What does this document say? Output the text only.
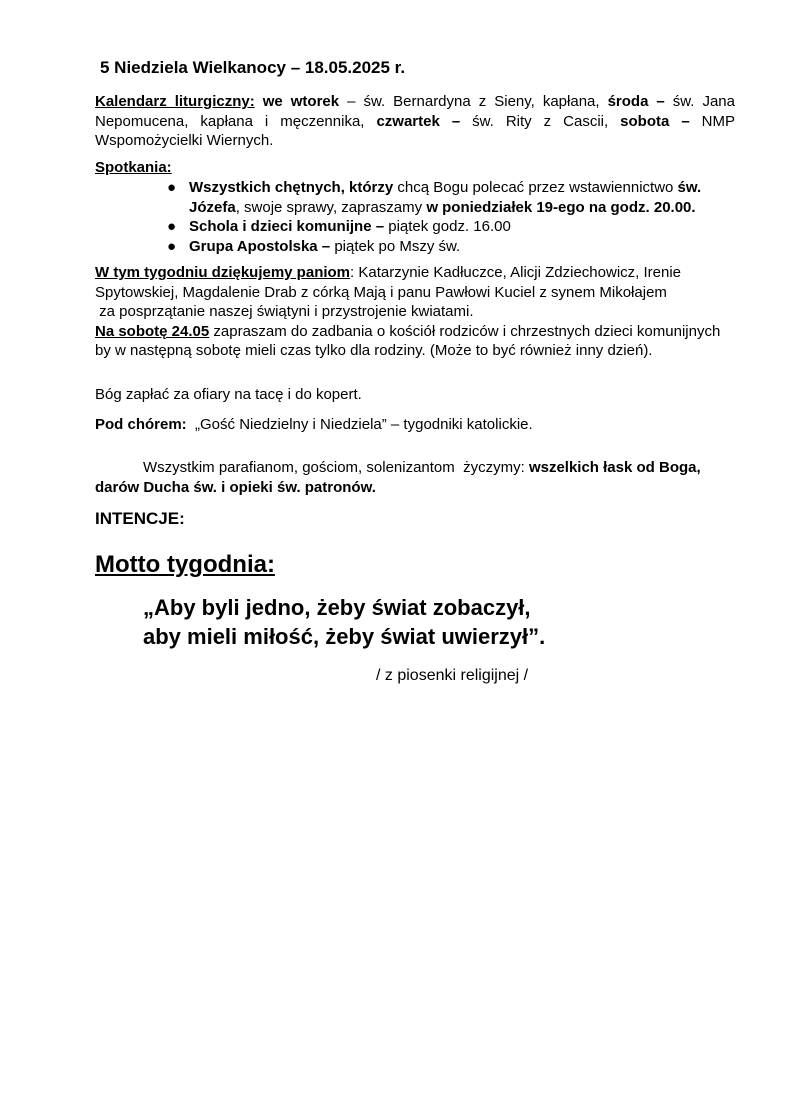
5 Niedziela Wielkanocy – 18.05.2025 r.
Kalendarz liturgiczny: we wtorek – św. Bernardyna z Sieny, kapłana, środa – św. Jana Nepomucena, kapłana i męczennika, czwartek – św. Rity z Cascii, sobota – NMP Wspomożycielki Wiernych.
Spotkania:
● Wszystkich chętnych, którzy chcą Bogu polecać przez wstawiennictwo św. Józefa, swoje sprawy, zapraszamy w poniedziałek 19-ego na godz. 20.00.
● Schola i dzieci komunijne – piątek godz. 16.00
● Grupa Apostolska – piątek po Mszy św.
W tym tygodniu dziękujemy paniom: Katarzynie Kadłuczce, Alicji Zdziechowicz, Irenie Spytowskiej, Magdalenie Drab z córką Mają i panu Pawłowi Kuciel z synem Mikołajem
za posprzątanie naszej świątyni i przystrojenie kwiatami.
Na sobotę 24.05 zapraszam do zadbania o kościół rodziców i chrzestnych dzieci komunijnych by w następną sobotę mieli czas tylko dla rodziny. (Może to być również inny dzień).
Bóg zapłać za ofiary na tacę i do kopert.
Pod chórem:  „Gość Niedzielny i Niedziela” – tygodniki katolickie.
Wszystkim parafianom, gościom, solenizantom  życzymy: wszelkich łask od Boga, darów Ducha św. i opieki św. patronów.
INTENCJE:
Motto tygodnia:
„Aby byli jedno, żeby świat zobaczył,
aby mieli miłość, żeby świat uwierzył”.
/ z piosenki religijnej /
